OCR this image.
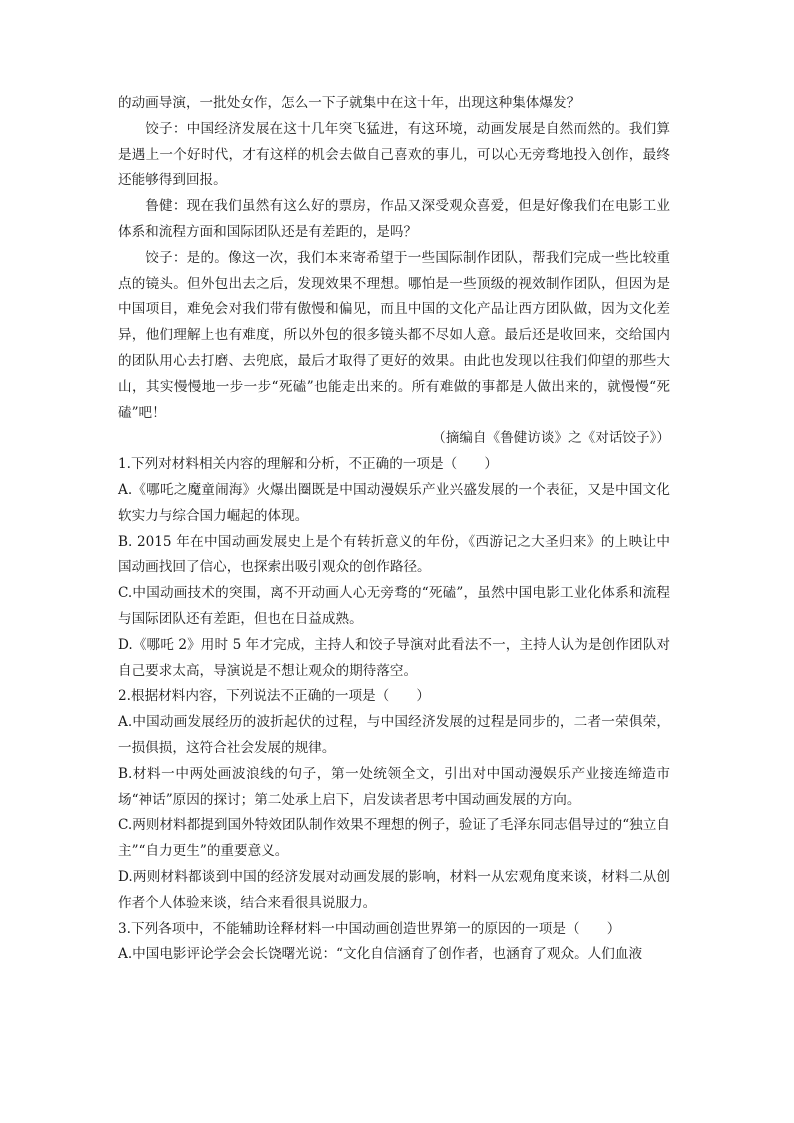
的动画导演，一批处女作，怎么一下子就集中在这十年，出现这种集体爆发？

饺子：中国经济发展在这十几年突飞猛进，有这环境，动画发展是自然而然的。我们算是遇上一个好时代，才有这样的机会去做自己喜欢的事儿，可以心无旁骛地投入创作，最终还能够得到回报。

鲁健：现在我们虽然有这么好的票房，作品又深受观众喜爱，但是好像我们在电影工业体系和流程方面和国际团队还是有差距的，是吗？

饺子：是的。像这一次，我们本来寄希望于一些国际制作团队，帮我们完成一些比较重点的镜头。但外包出去之后，发现效果不理想。哪怕是一些顶级的视效制作团队，但因为是中国项目，难免会对我们带有傲慢和偏见，而且中国的文化产品让西方团队做，因为文化差异，他们理解上也有难度，所以外包的很多镜头都不尽如人意。最后还是收回来，交给国内的团队用心去打磨、去兜底，最后才取得了更好的效果。由此也发现以往我们仰望的那些大山，其实慢慢地一步一步“死磕”也能走出来的。所有难做的事都是人做出来的，就慢慢“死磕”吧！

（摘编自《鲁健访谈》之《对话饺子》）

1.下列对材料相关内容的理解和分析，不正确的一项是（　　）

A.《哪吒之魔童闹海》火爆出圈既是中国动漫娱乐产业兴盛发展的一个表征，又是中国文化软实力与综合国力崛起的体现。

B. 2015 年在中国动画发展史上是个有转折意义的年份，《西游记之大圣归来》的上映让中国动画找回了信心，也探索出吸引观众的创作路径。

C.中国动画技术的突围，离不开动画人心无旁骛的“死磕”，虽然中国电影工业化体系和流程与国际团队还有差距，但也在日益成熟。

D.《哪吒 2》用时 5 年才完成，主持人和饺子导演对此看法不一，主持人认为是创作团队对自己要求太高，导演说是不想让观众的期待落空。

2.根据材料内容，下列说法不正确的一项是（　　）

A.中国动画发展经历的波折起伏的过程，与中国经济发展的过程是同步的，二者一荣俱荣，一损俱损，这符合社会发展的规律。

B.材料一中两处画波浪线的句子，第一处统领全文，引出对中国动漫娱乐产业接连缔造市场“神话”原因的探讨；第二处承上启下，启发读者思考中国动画发展的方向。

C.两则材料都提到国外特效团队制作效果不理想的例子，验证了毛泽东同志倡导过的“独立自主”“自力更生”的重要意义。

D.两则材料都谈到中国的经济发展对动画发展的影响，材料一从宏观角度来谈，材料二从创作者个人体验来谈，结合来看很具说服力。

3.下列各项中，不能辅助诠释材料一中国动画创造世界第一的原因的一项是（　　）

A.中国电影评论学会会长饶曙光说：“文化自信涵育了创作者，也涵育了观众。人们血液
